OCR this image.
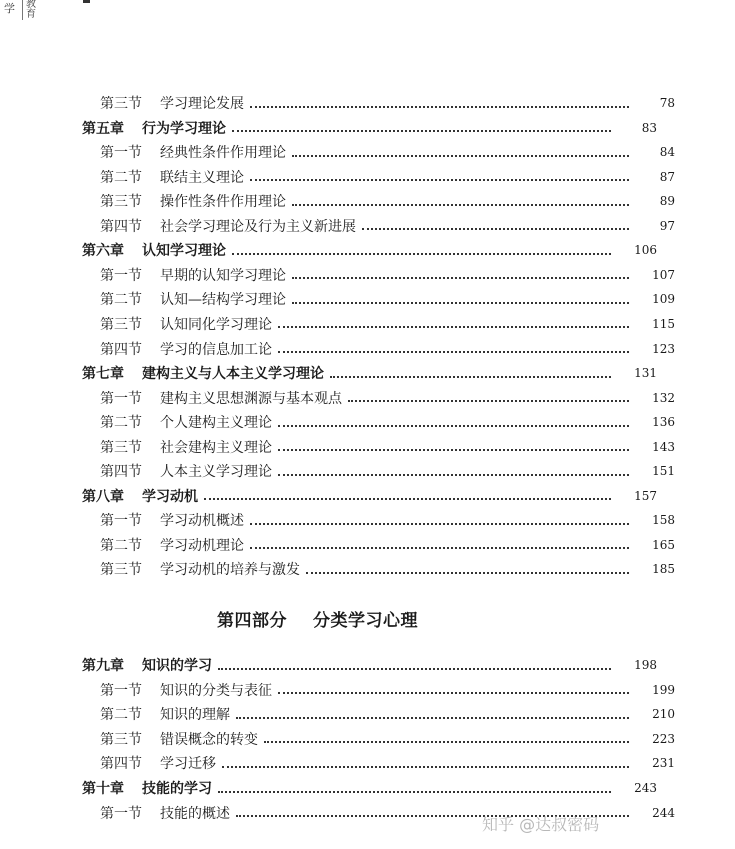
学 教
育
第三节 学习理论发展	78
第五章 行为学习理论	83
第一节 经典性条件作用理论	84
第二节 联结主义理论	87
第三节 操作性条件作用理论	89
第四节 社会学习理论及行为主义新进展	97
第六章 认知学习理论	106
第一节 早期的认知学习理论	107
第二节 认知—结构学习理论	109
第三节 认知同化学习理论	115
第四节 学习的信息加工论	123
第七章 建构主义与人本主义学习理论	131
第一节 建构主义思想渊源与基本观点	132
第二节 个人建构主义理论	136
第三节 社会建构主义理论	143
第四节 人本主义学习理论	151
第八章 学习动机	157
第一节 学习动机概述	158
第二节 学习动机理论	165
第三节 学习动机的培养与激发	185
第四部分 分类学习心理
第九章 知识的学习	198
第一节 知识的分类与表征	199
第二节 知识的理解	210
第三节 错误概念的转变	223
第四节 学习迁移	231
第十章 技能的学习	243
第一节 技能的概述	244
知乎 @达叔密码
